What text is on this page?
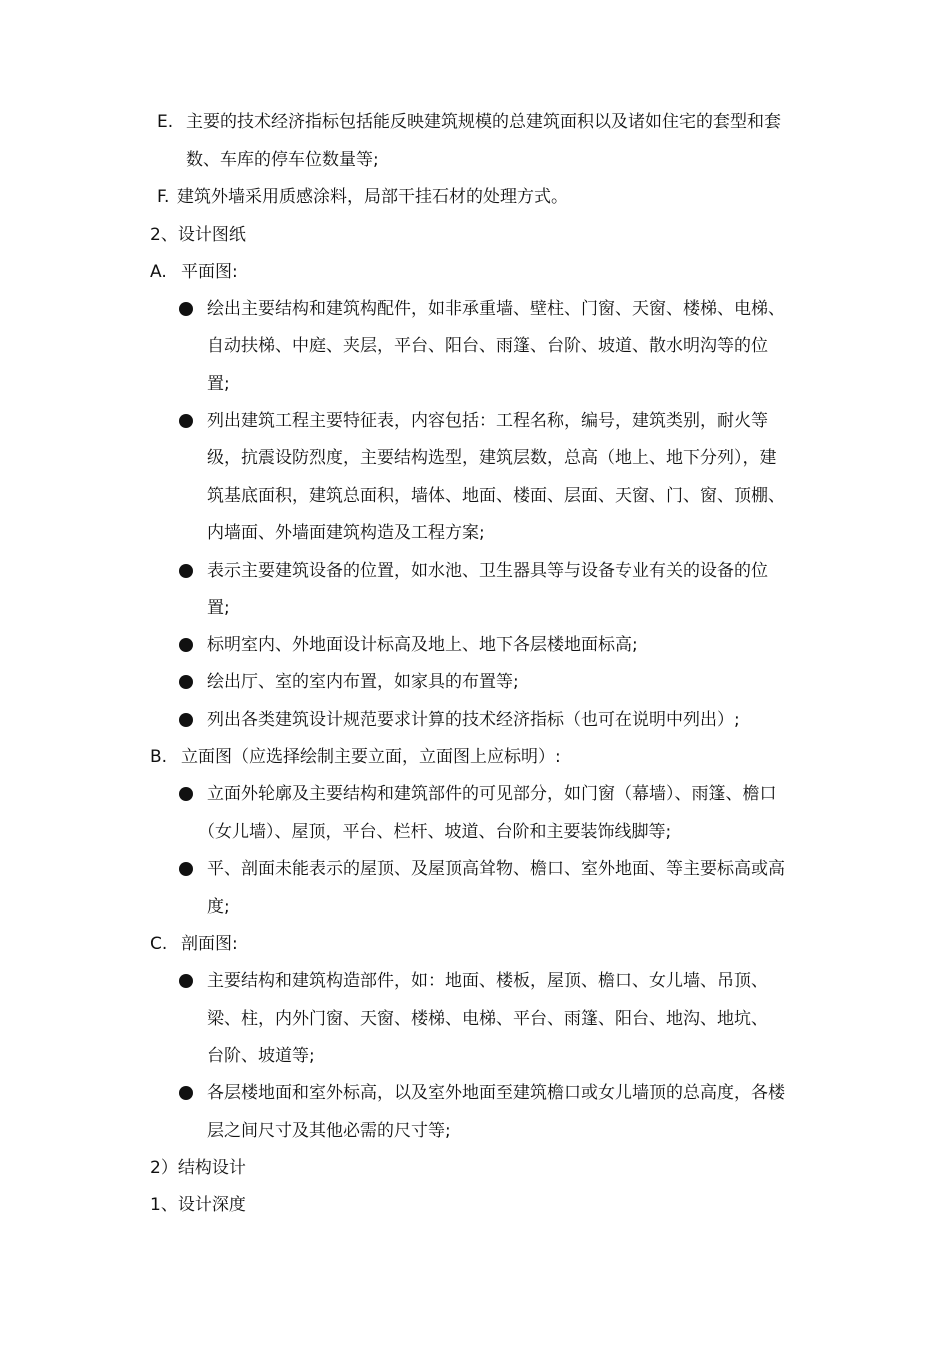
E. 主要的技术经济指标包括能反映建筑规模的总建筑面积以及诸如住宅的套型和套
数、车库的停车位数量等;
F. 建筑外墙采用质感涂料，局部干挂石材的处理方式。
2、设计图纸
A. 平面图:
绘出主要结构和建筑构配件，如非承重墙、壁柱、门窗、天窗、楼梯、电梯、
自动扶梯、中庭、夹层，平台、阳台、雨篷、台阶、坡道、散水明沟等的位
置;
列出建筑工程主要特征表，内容包括：工程名称，编号，建筑类别，耐火等
级，抗震设防烈度，主要结构选型，建筑层数，总高（地上、地下分列），建
筑基底面积，建筑总面积，墙体、地面、楼面、层面、天窗、门、窗、顶棚、
内墙面、外墙面建筑构造及工程方案;
表示主要建筑设备的位置，如水池、卫生器具等与设备专业有关的设备的位
置;
标明室内、外地面设计标高及地上、地下各层楼地面标高;
绘出厅、室的室内布置，如家具的布置等;
列出各类建筑设计规范要求计算的技术经济指标（也可在说明中列出）;
B. 立面图（应选择绘制主要立面，立面图上应标明）:
立面外轮廓及主要结构和建筑部件的可见部分，如门窗（幕墙）、雨篷、檐口
（女儿墙）、屋顶，平台、栏杆、坡道、台阶和主要装饰线脚等;
平、剖面未能表示的屋顶、及屋顶高耸物、檐口、室外地面、等主要标高或高
度;
C. 剖面图:
主要结构和建筑构造部件，如：地面、楼板，屋顶、檐口、女儿墙、吊顶、
梁、柱，内外门窗、天窗、楼梯、电梯、平台、雨篷、阳台、地沟、地坑、
台阶、坡道等;
各层楼地面和室外标高，以及室外地面至建筑檐口或女儿墙顶的总高度，各楼
层之间尺寸及其他必需的尺寸等;
2）结构设计
1、设计深度
